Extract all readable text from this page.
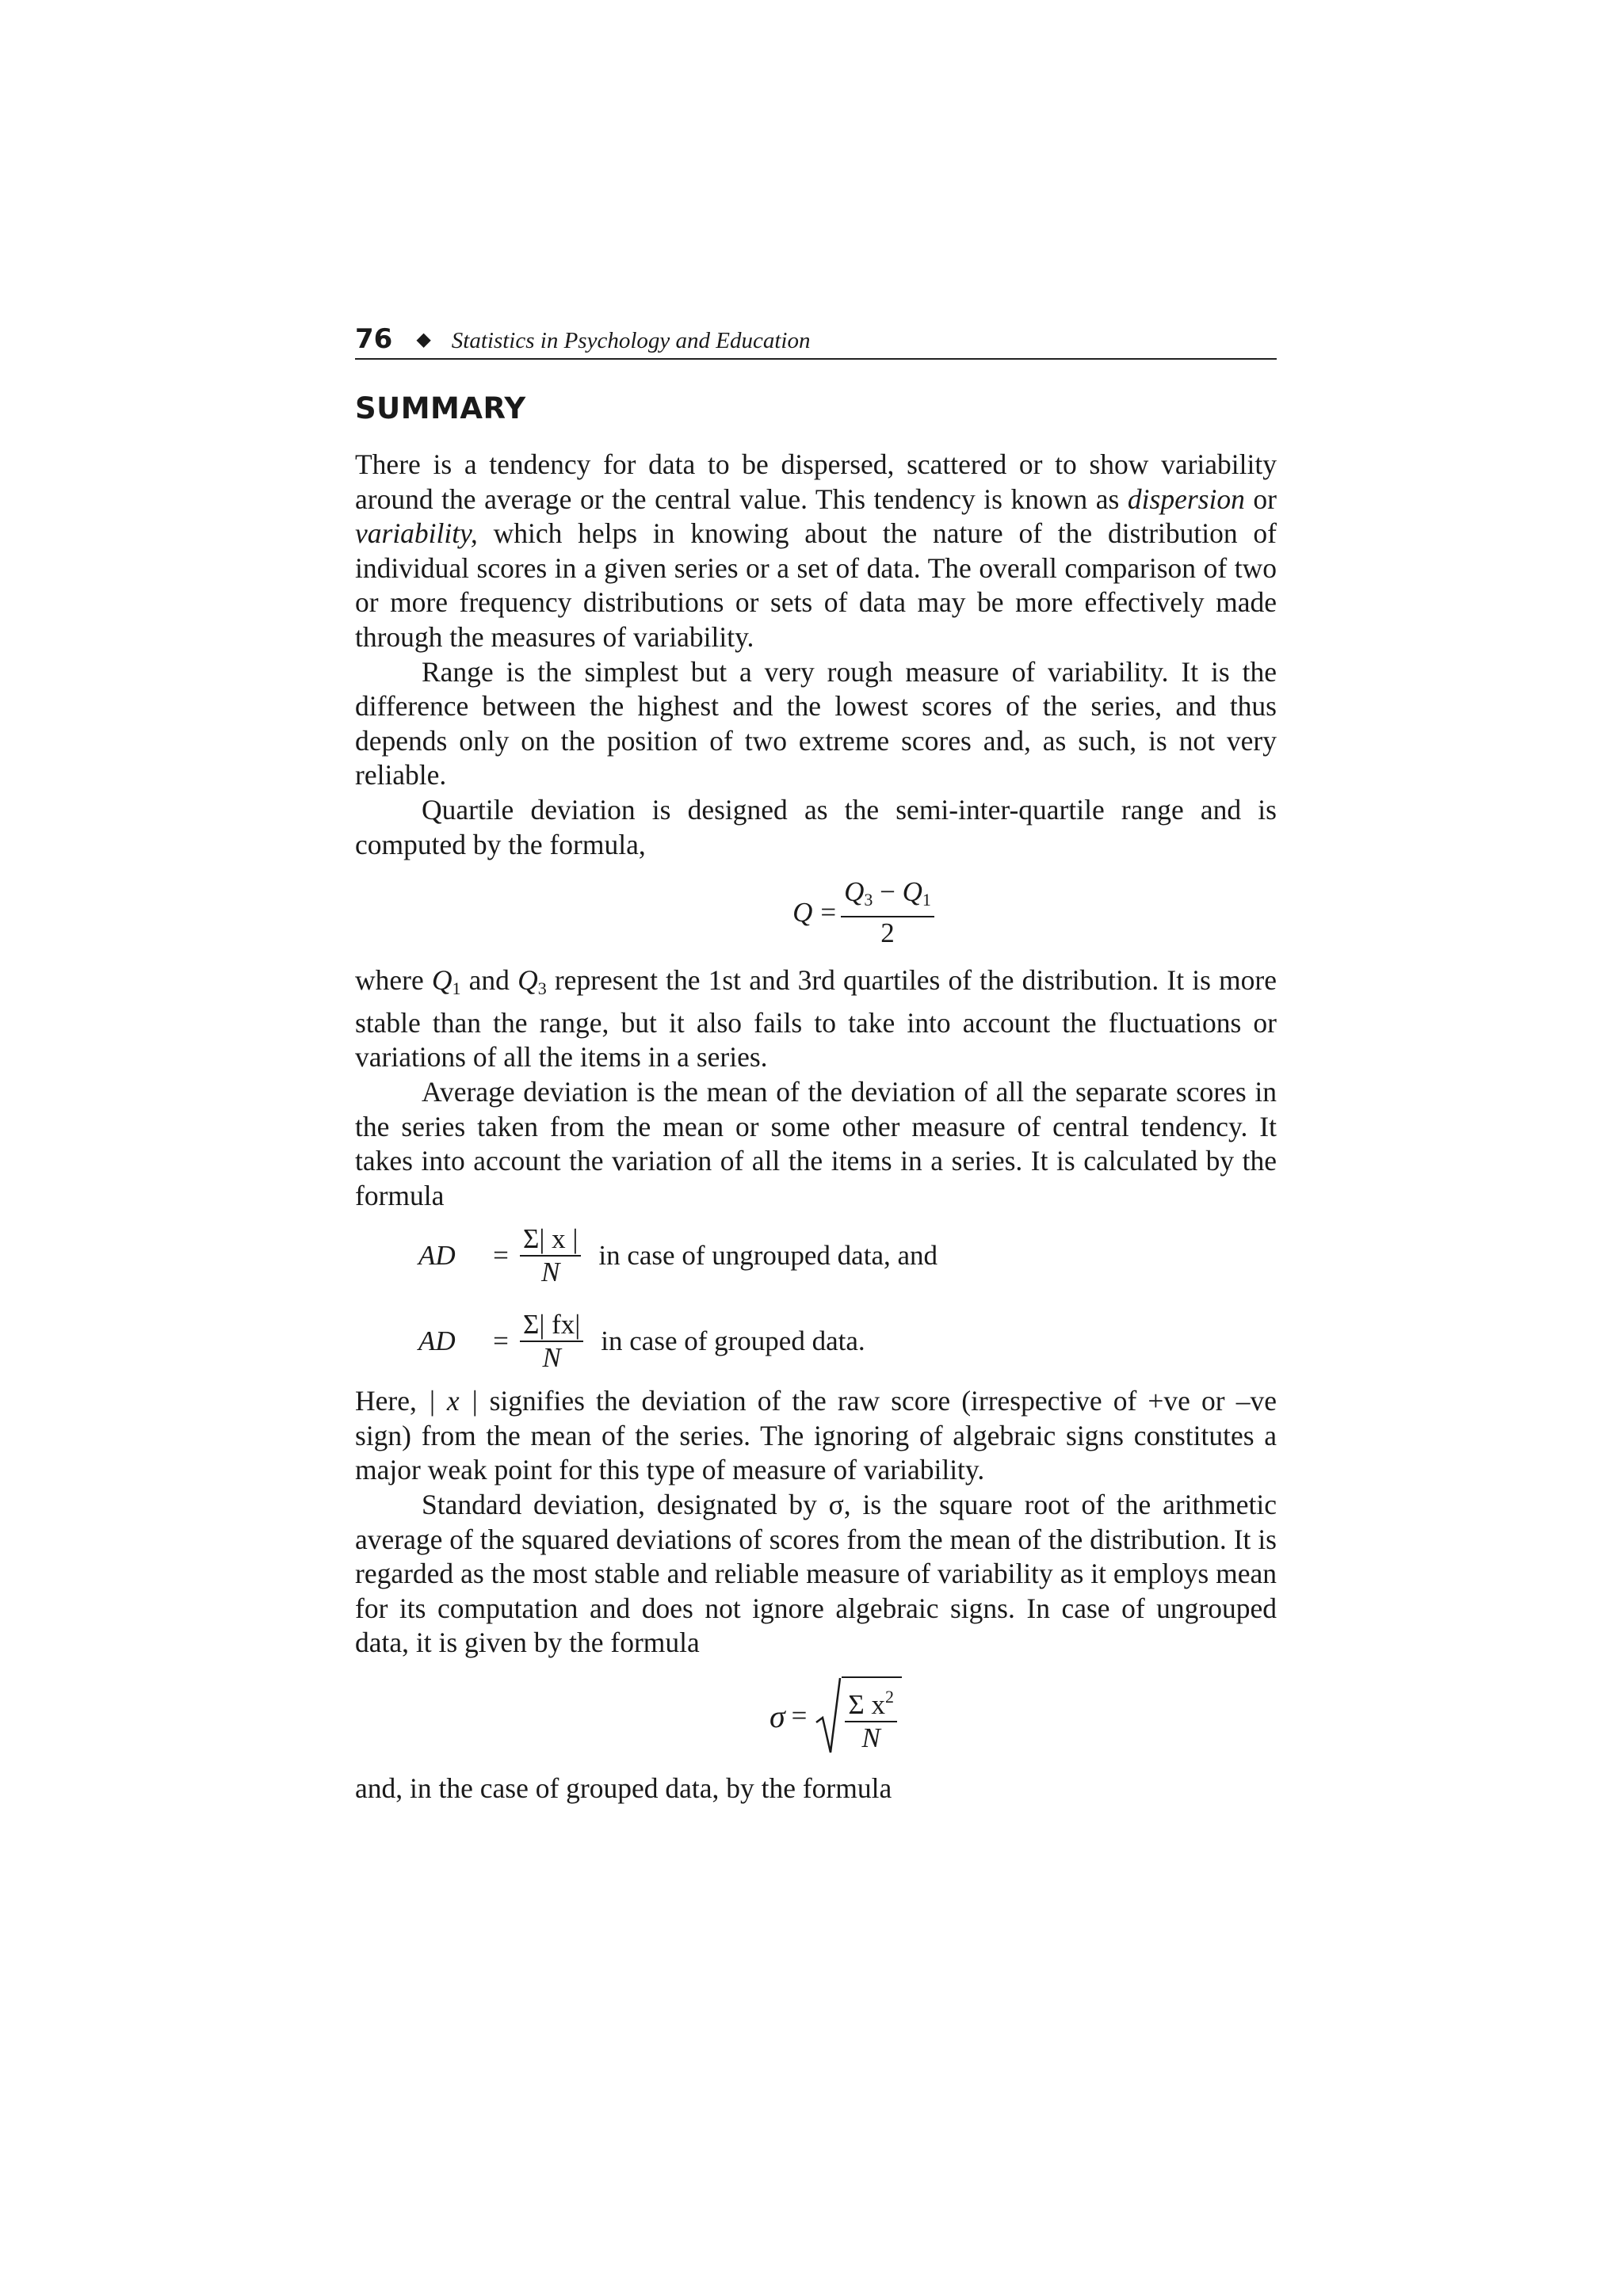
76 ◆ Statistics in Psychology and Education
SUMMARY

There is a tendency for data to be dispersed, scattered or to show variability around the average or the central value. This tendency is known as dispersion or variability, which helps in knowing about the nature of the distribution of individual scores in a given series or a set of data. The overall comparison of two or more frequency distributions or sets of data may be more effectively made through the measures of variability.

Range is the simplest but a very rough measure of variability. It is the difference between the highest and the lowest scores of the series, and thus depends only on the position of two extreme scores and, as such, is not very reliable.

Quartile deviation is designed as the semi-inter-quartile range and is computed by the formula,

$Q = \frac{Q_3 - Q_1}{2}$

where $Q_1$ and $Q_3$ represent the 1st and 3rd quartiles of the distribution. It is more stable than the range, but it also fails to take into account the fluctuations or variations of all the items in a series.

Average deviation is the mean of the deviation of all the separate scores in the series taken from the mean or some other measure of central tendency. It takes into account the variation of all the items in a series. It is calculated by the formula

AD	= $\frac{\Sigma| x |}{N}$ in case of ungrouped data, and
AD	= $\frac{\Sigma| fx|}{N}$ in case of grouped data.

Here, | x | signifies the deviation of the raw score (irrespective of +ve or –ve sign) from the mean of the series. The ignoring of algebraic signs constitutes a major weak point for this type of measure of variability.

Standard deviation, designated by σ, is the square root of the arithmetic average of the squared deviations of scores from the mean of the distribution. It is regarded as the most stable and reliable measure of variability as it employs mean for its computation and does not ignore algebraic signs. In case of ungrouped data, it is given by the formula

$\sigma = \frac{\Sigma x^2}{N}$

and, in the case of grouped data, by the formula
